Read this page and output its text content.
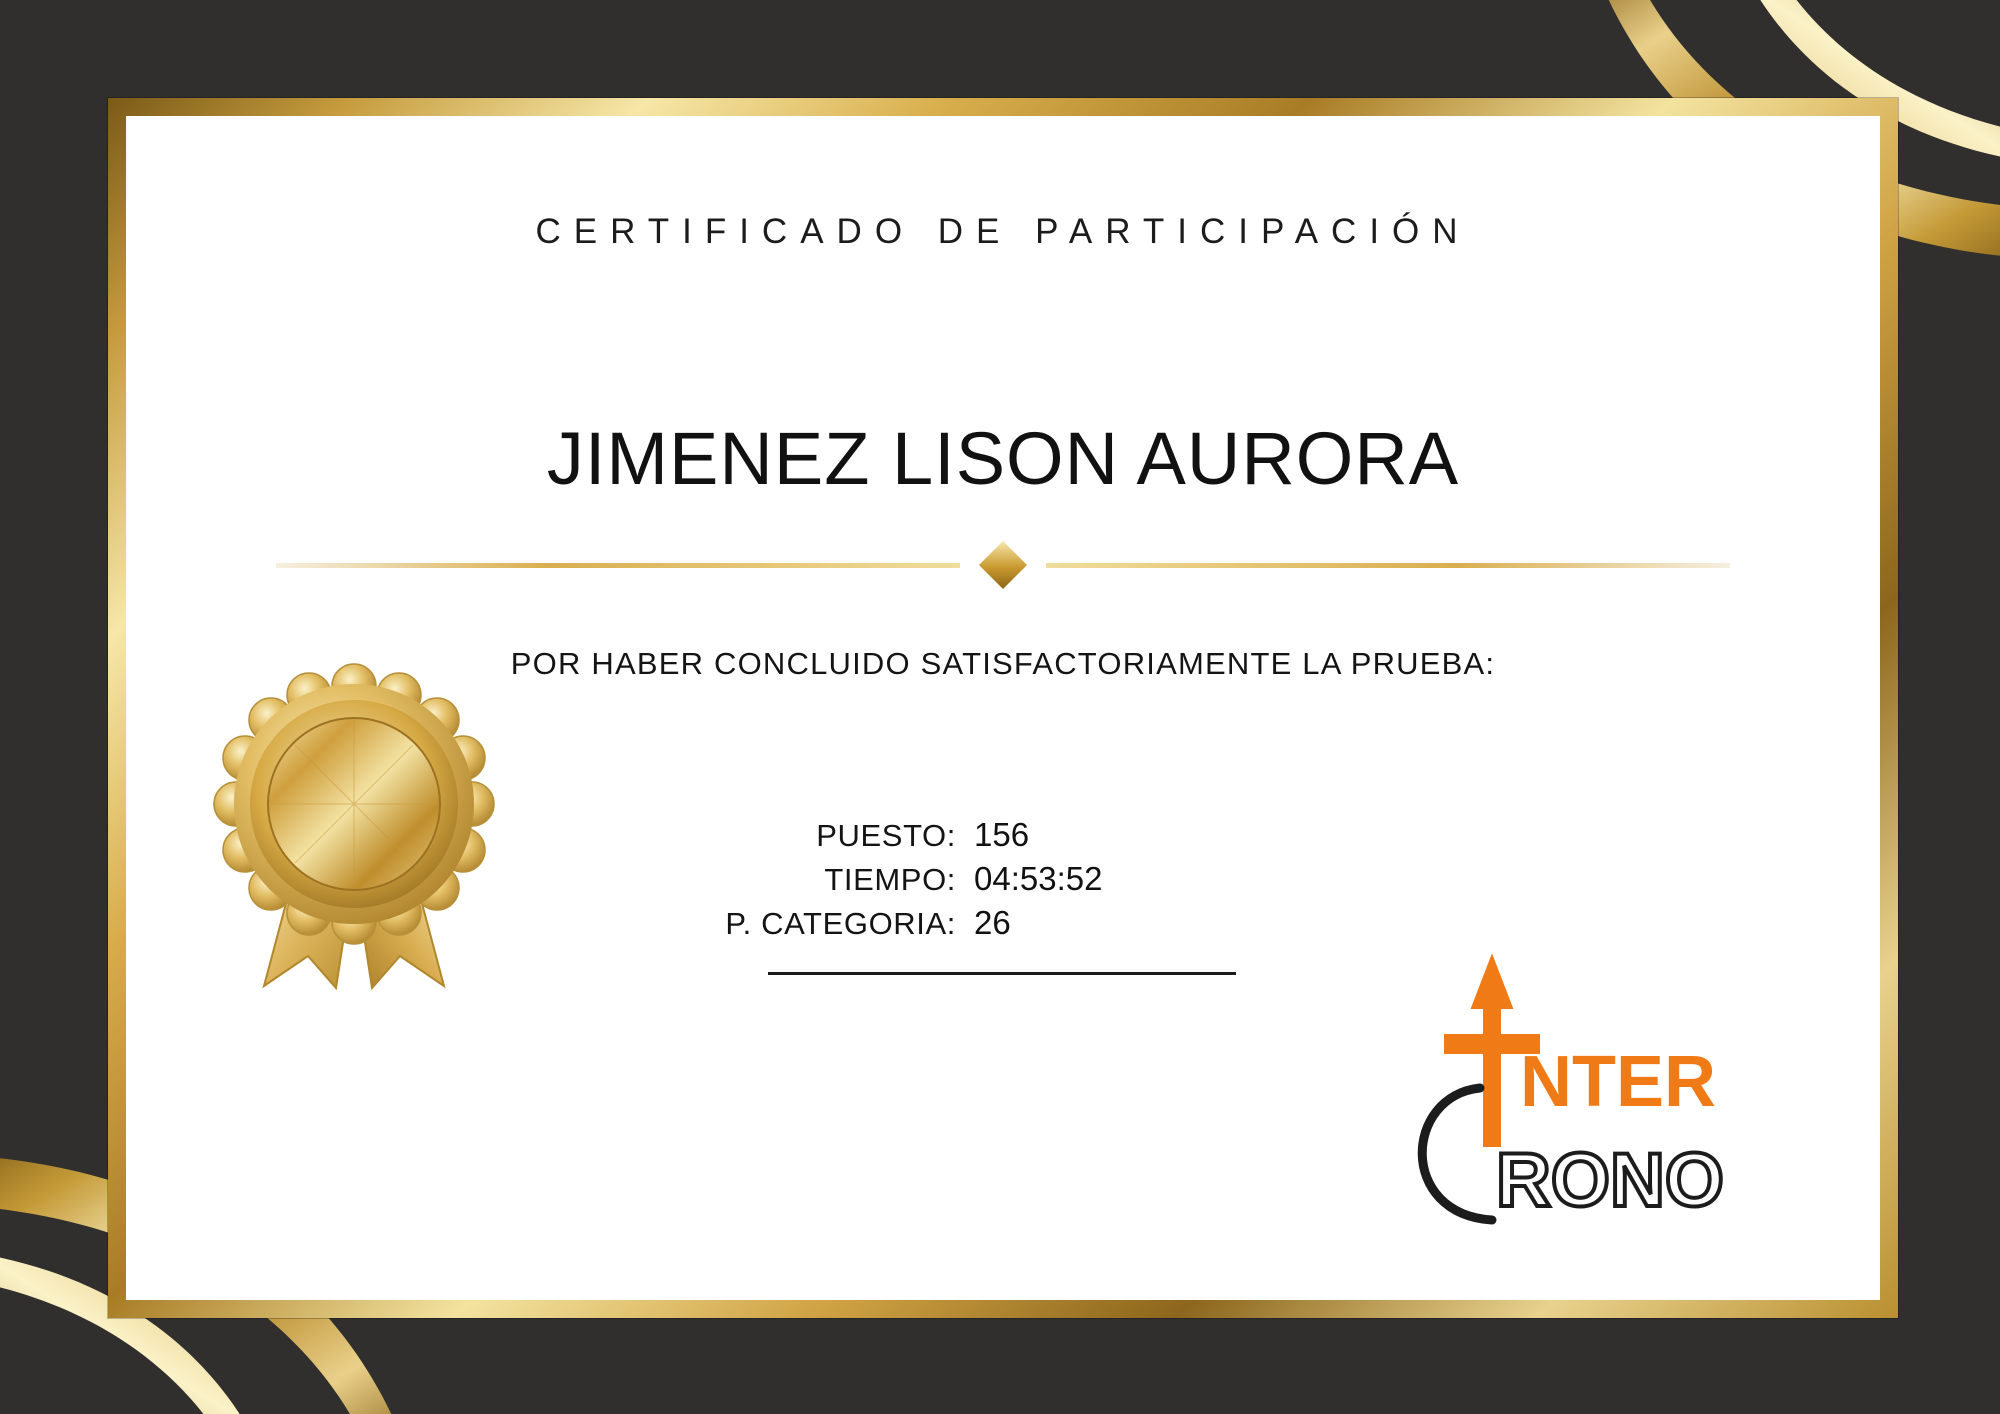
CERTIFICADO DE PARTICIPACIÓN
JIMENEZ LISON AURORA
POR HABER CONCLUIDO SATISFACTORIAMENTE LA PRUEBA:
PUESTO: 156
TIEMPO: 04:53:52
P. CATEGORIA: 26
NTER
RONO
